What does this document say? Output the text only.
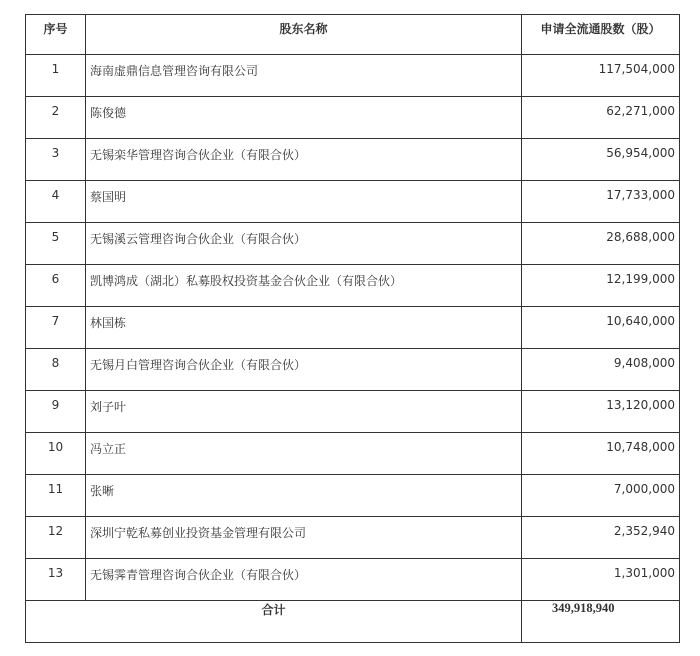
序号	股东名称	申请全流通股数（股）
1	海南虚鼎信息管理咨询有限公司	117,504,000
2	陈俊德	62,271,000
3	无锡栾华管理咨询合伙企业（有限合伙）	56,954,000
4	蔡国明	17,733,000
5	无锡溪云管理咨询合伙企业（有限合伙）	28,688,000
6	凯博鸿成（湖北）私募股权投资基金合伙企业（有限合伙）	12,199,000
7	林国栋	10,640,000
8	无锡月白管理咨询合伙企业（有限合伙）	9,408,000
9	刘子叶	13,120,000
10	冯立正	10,748,000
11	张晰	7,000,000
12	深圳宁乾私募创业投资基金管理有限公司	2,352,940
13	无锡霁青管理咨询合伙企业（有限合伙）	1,301,000
合计		349,918,940
